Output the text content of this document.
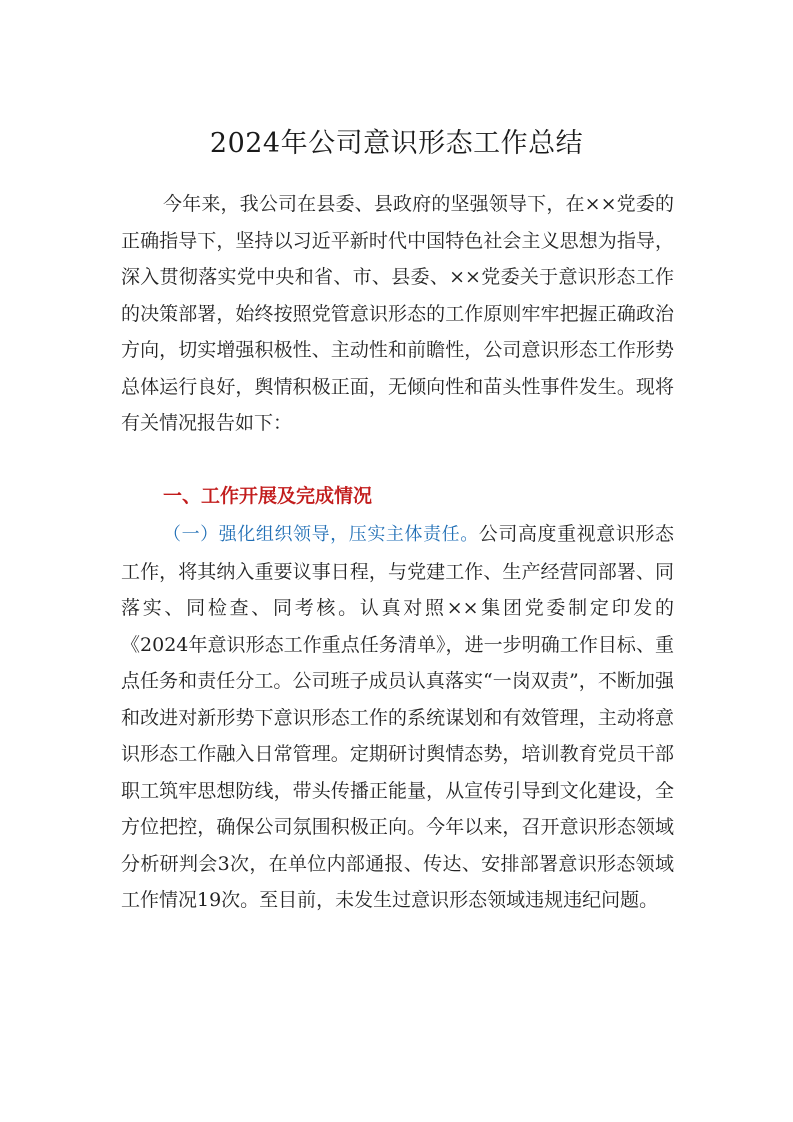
2024年公司意识形态工作总结

今年来，我公司在县委、县政府的坚强领导下，在××党委的正确指导下，坚持以习近平新时代中国特色社会主义思想为指导，深入贯彻落实党中央和省、市、县委、××党委关于意识形态工作的决策部署，始终按照党管意识形态的工作原则牢牢把握正确政治方向，切实增强积极性、主动性和前瞻性，公司意识形态工作形势总体运行良好，舆情积极正面，无倾向性和苗头性事件发生。现将有关情况报告如下：

一、工作开展及完成情况

（一）强化组织领导，压实主体责任。公司高度重视意识形态工作，将其纳入重要议事日程，与党建工作、生产经营同部署、同落实、同检查、同考核。认真对照××集团党委制定印发的《2024年意识形态工作重点任务清单》，进一步明确工作目标、重点任务和责任分工。公司班子成员认真落实“一岗双责”，不断加强和改进对新形势下意识形态工作的系统谋划和有效管理，主动将意识形态工作融入日常管理。定期研讨舆情态势，培训教育党员干部职工筑牢思想防线，带头传播正能量，从宣传引导到文化建设，全方位把控，确保公司氛围积极正向。今年以来，召开意识形态领域分析研判会3次，在单位内部通报、传达、安排部署意识形态领域工作情况19次。至目前，未发生过意识形态领域违规违纪问题。
